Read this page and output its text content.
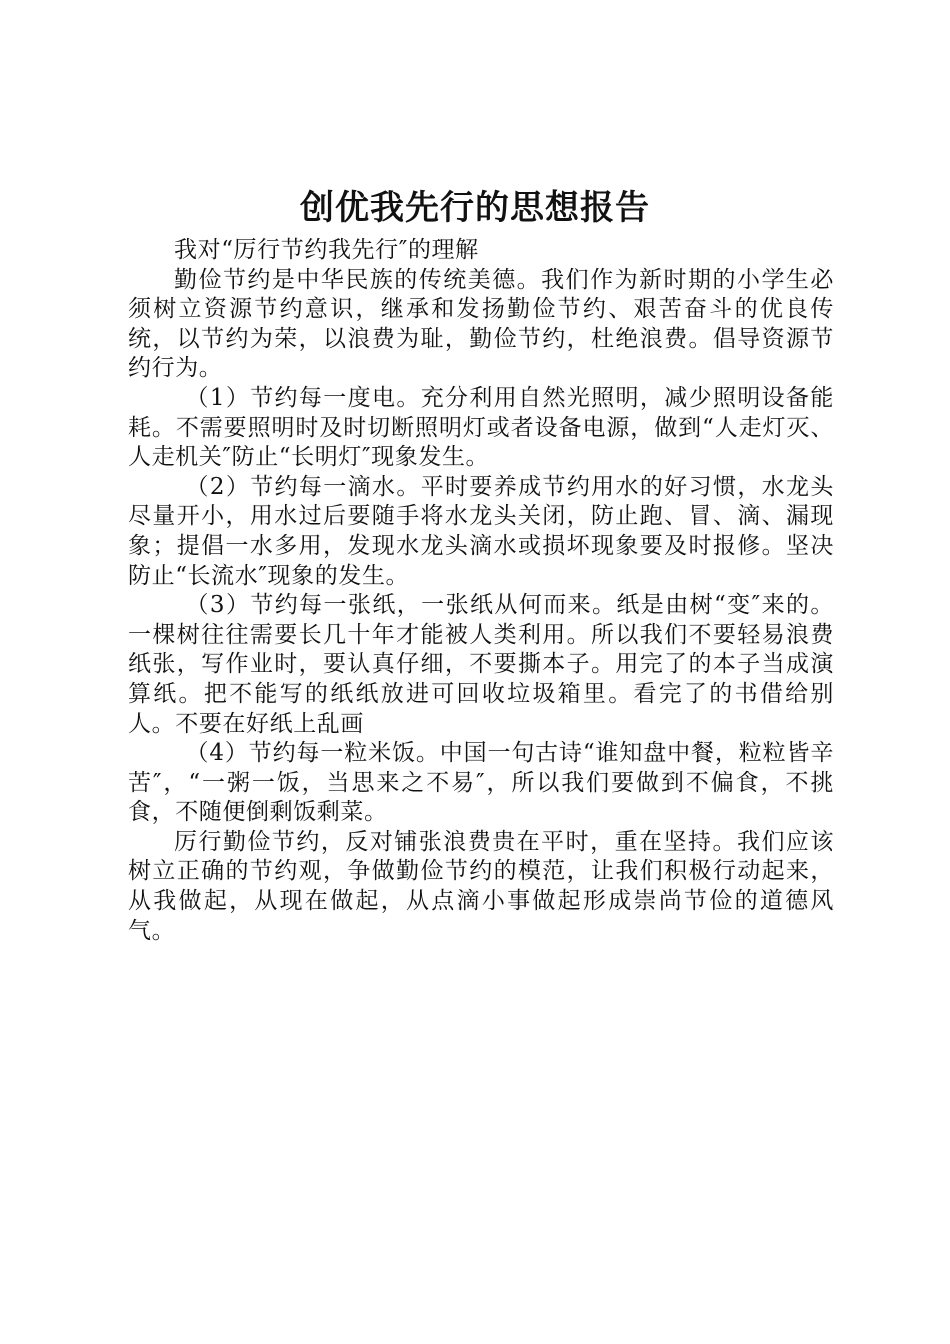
创优我先行的思想报告

我对“厉行节约我先行″的理解

勤俭节约是中华民族的传统美德。我们作为新时期的小学生必须树立资源节约意识，继承和发扬勤俭节约、艰苦奋斗的优良传统，以节约为荣，以浪费为耻，勤俭节约，杜绝浪费。倡导资源节约行为。

（1）节约每一度电。充分利用自然光照明，减少照明设备能耗。不需要照明时及时切断照明灯或者设备电源，做到“人走灯灭、人走机关″防止“长明灯″现象发生。

（2）节约每一滴水。平时要养成节约用水的好习惯，水龙头尽量开小，用水过后要随手将水龙头关闭，防止跑、冒、滴、漏现象；提倡一水多用，发现水龙头滴水或损坏现象要及时报修。坚决防止“长流水″现象的发生。

（3）节约每一张纸，一张纸从何而来。纸是由树“变″来的。一棵树往往需要长几十年才能被人类利用。所以我们不要轻易浪费纸张，写作业时，要认真仔细，不要撕本子。用完了的本子当成演算纸。把不能写的纸纸放进可回收垃圾箱里。看完了的书借给别人。不要在好纸上乱画

（4）节约每一粒米饭。中国一句古诗“谁知盘中餐，粒粒皆辛苦″，“一粥一饭，当思来之不易″，所以我们要做到不偏食，不挑食，不随便倒剩饭剩菜。

厉行勤俭节约，反对铺张浪费贵在平时，重在坚持。我们应该树立正确的节约观，争做勤俭节约的模范，让我们积极行动起来，从我做起，从现在做起，从点滴小事做起形成崇尚节俭的道德风气。
